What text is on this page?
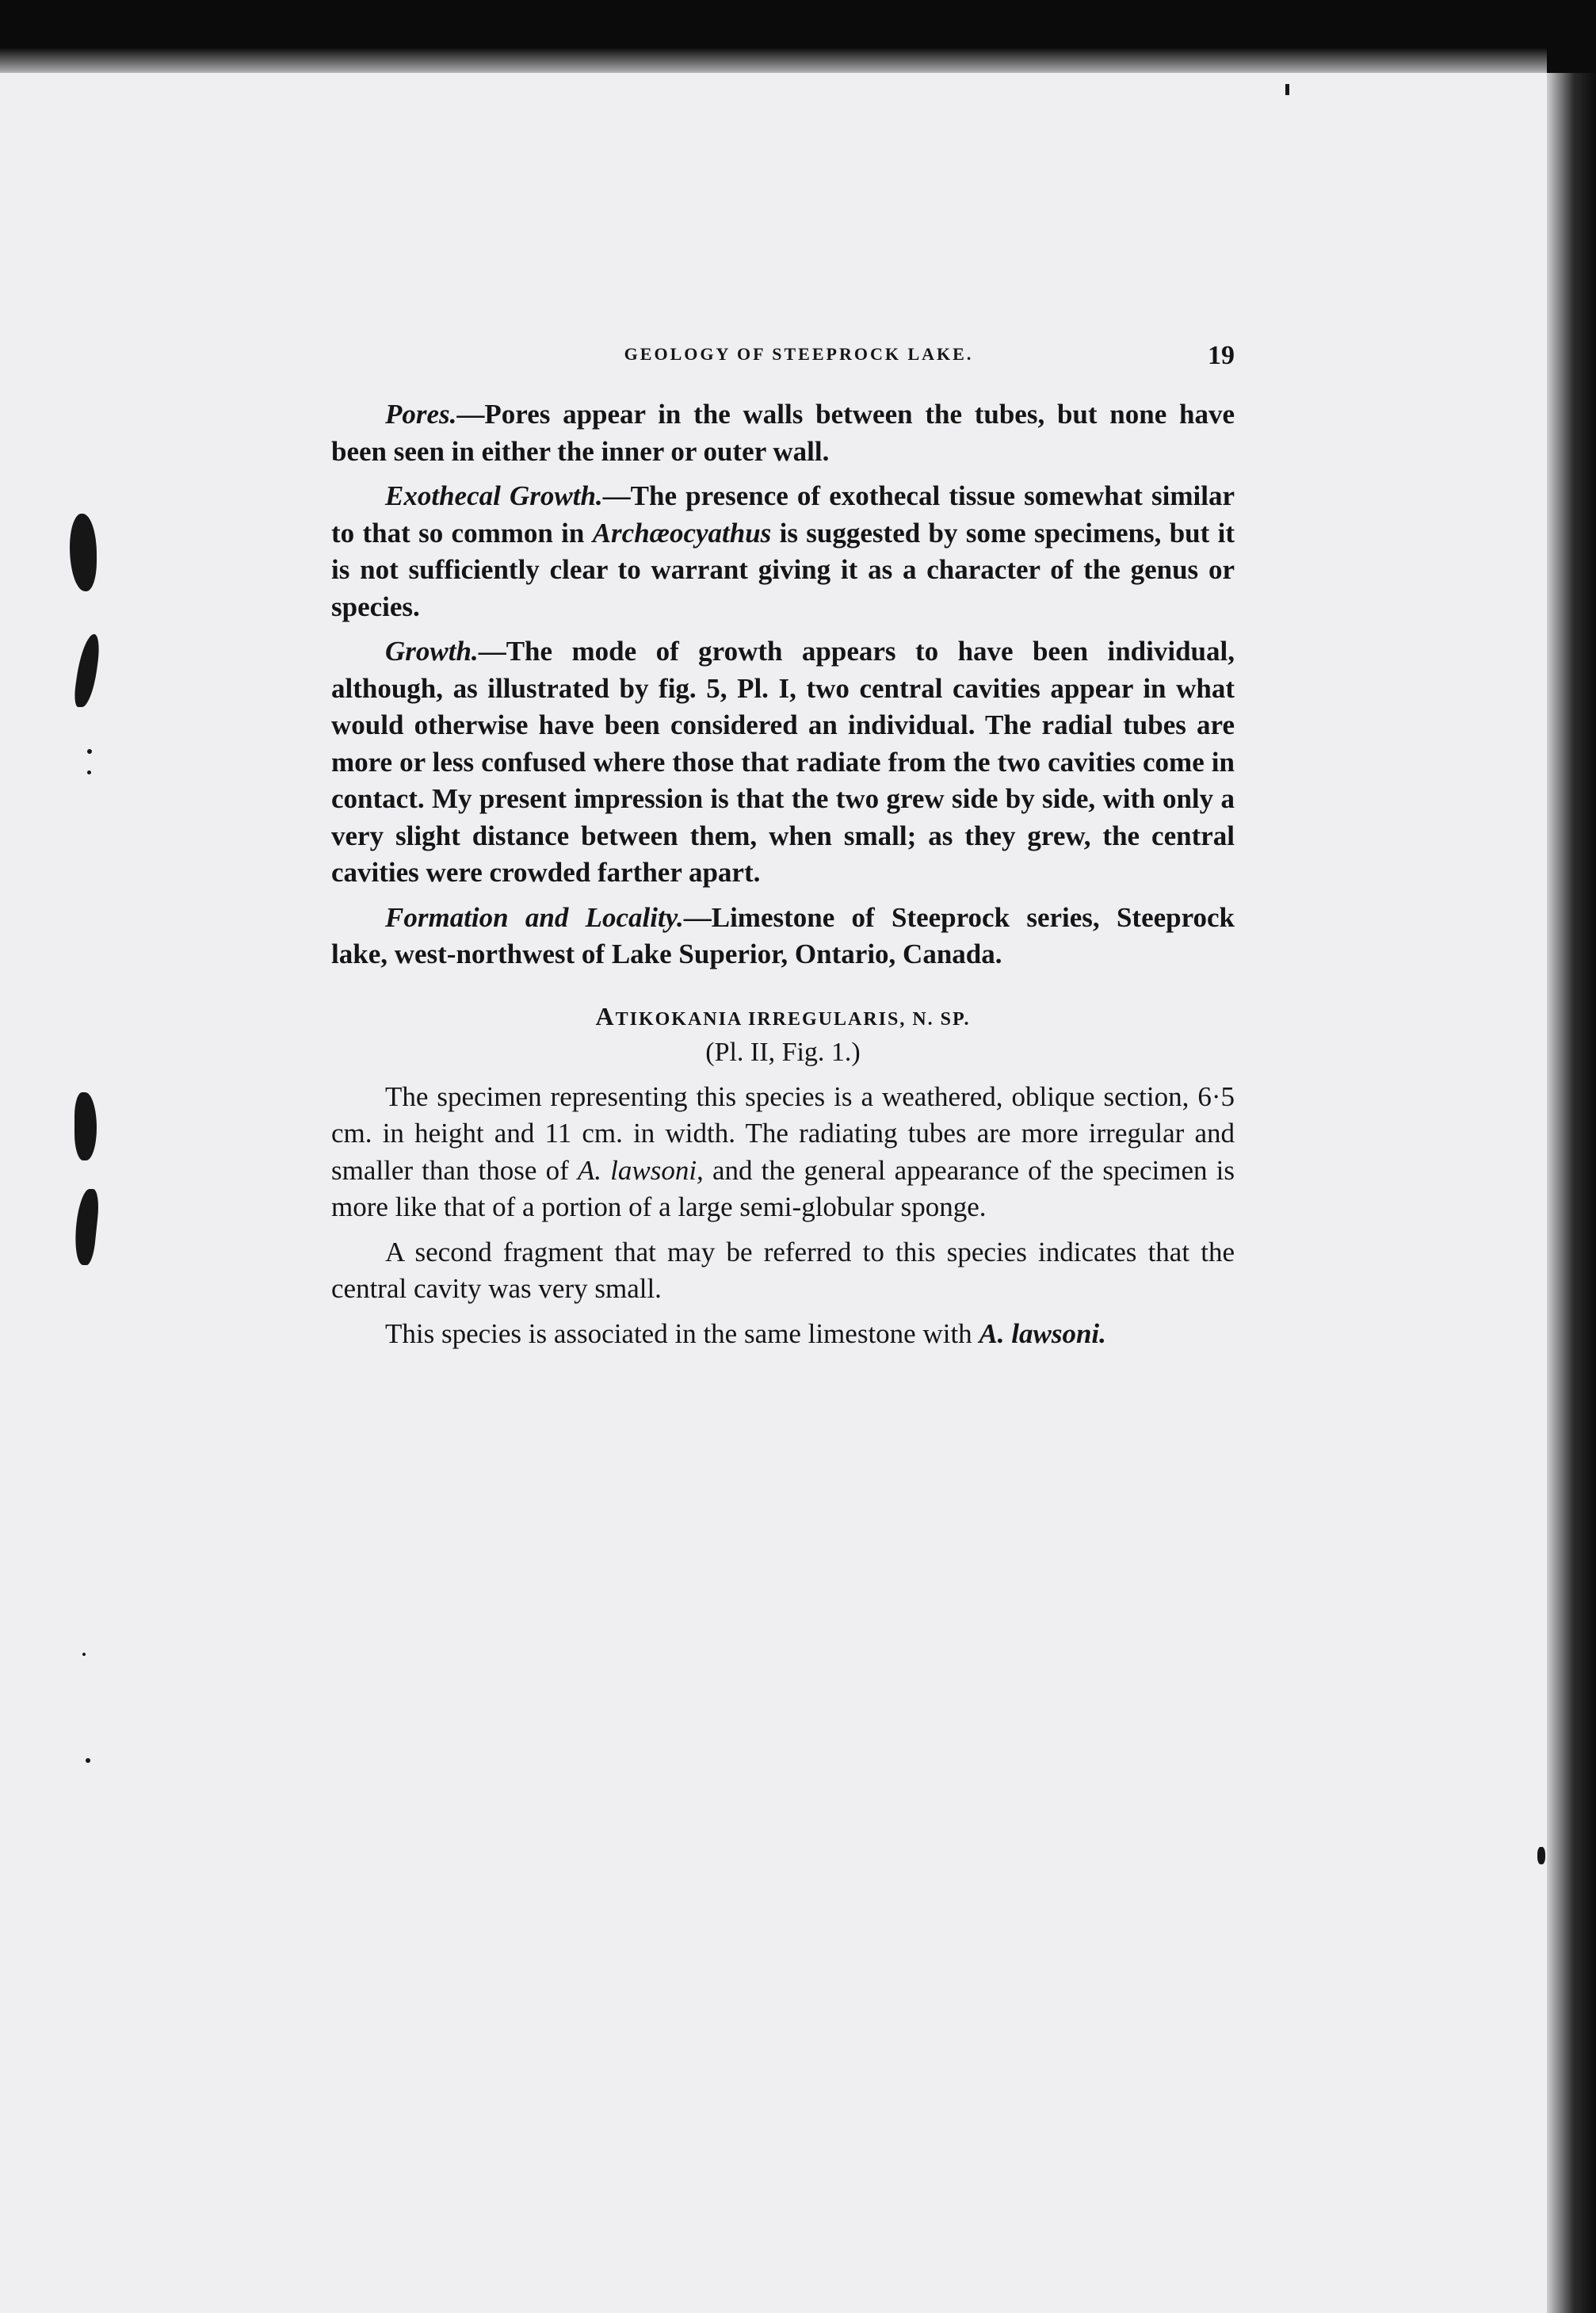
GEOLOGY OF STEEPROCK LAKE.	19

Pores.—Pores appear in the walls between the tubes, but none have been seen in either the inner or outer wall.

Exothecal Growth.—The presence of exothecal tissue somewhat similar to that so common in Archæocyathus is suggested by some specimens, but it is not sufficiently clear to warrant giving it as a character of the genus or species.

Growth.—The mode of growth appears to have been individual, although, as illustrated by fig. 5, Pl. I, two central cavities appear in what would otherwise have been considered an individual. The radial tubes are more or less confused where those that radiate from the two cavities come in contact. My present impression is that the two grew side by side, with only a very slight distance between them, when small; as they grew, the central cavities were crowded farther apart.

Formation and Locality.—Limestone of Steeprock series, Steeprock lake, west-northwest of Lake Superior, Ontario, Canada.

ATIKOKANIA IRREGULARIS, N. SP.
(Pl. II, Fig. 1.)

The specimen representing this species is a weathered, oblique section, 6·5 cm. in height and 11 cm. in width. The radiating tubes are more irregular and smaller than those of A. lawsoni, and the general appearance of the specimen is more like that of a portion of a large semi-globular sponge.

A second fragment that may be referred to this species indicates that the central cavity was very small.

This species is associated in the same limestone with A. lawsoni.
